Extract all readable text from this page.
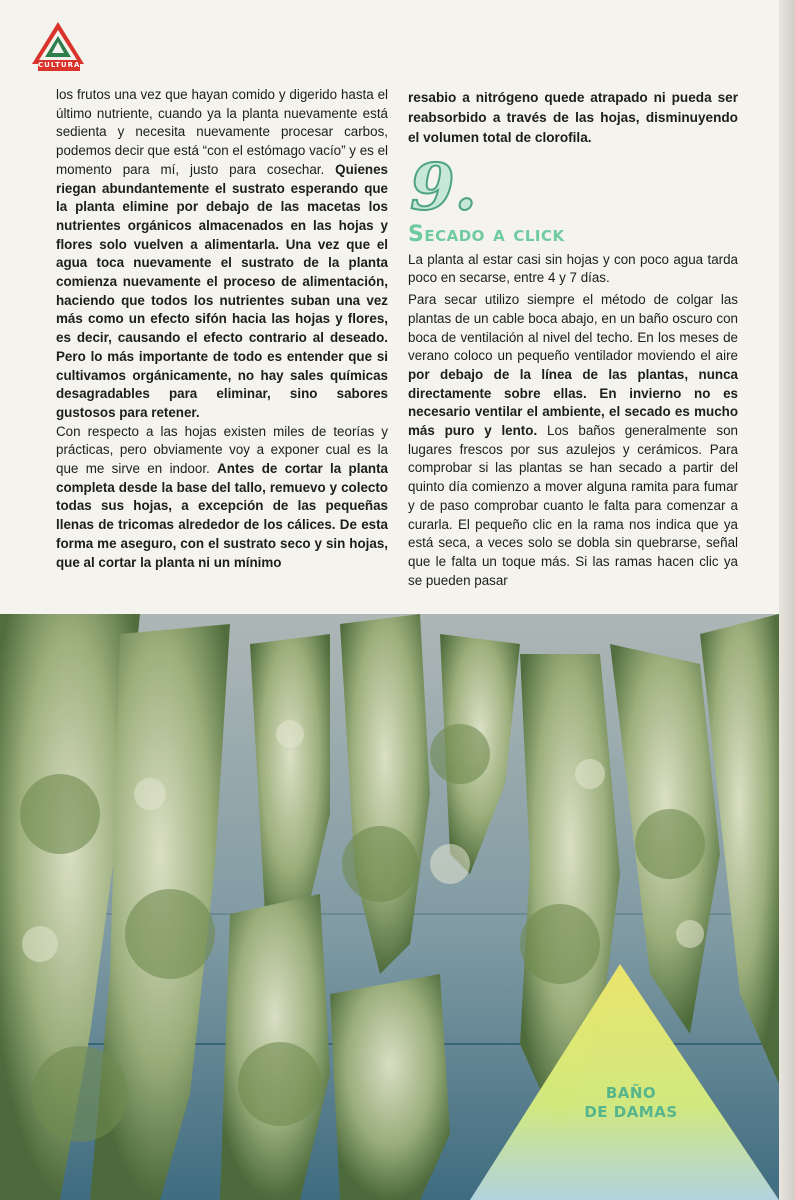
CULTURA

los frutos una vez que hayan comido y digerido hasta el último nutriente, cuando ya la planta nuevamente está sedienta y necesita nuevamente procesar carbos, podemos decir que está “con el estómago vacío” y es el momento para mí, justo para cosechar. Quienes riegan abundantemente el sustrato esperando que la planta elimine por debajo de las macetas los nutrientes orgánicos almacenados en las hojas y flores solo vuelven a alimentarla. Una vez que el agua toca nuevamente el sustrato de la planta comienza nuevamente el proceso de alimentación, haciendo que todos los nutrientes suban una vez más como un efecto sifón hacia las hojas y flores, es decir, causando el efecto contrario al deseado. Pero lo más importante de todo es entender que si cultivamos orgánicamente, no hay sales químicas desagradables para eliminar, sino sabores gustosos para retener.

Con respecto a las hojas existen miles de teorías y prácticas, pero obviamente voy a exponer cual es la que me sirve en indoor. Antes de cortar la planta completa desde la base del tallo, remuevo y colecto todas sus hojas, a excepción de las pequeñas llenas de tricomas alrededor de los cálices. De esta forma me aseguro, con el sustrato seco y sin hojas, que al cortar la planta ni un mínimo

resabio a nitrógeno quede atrapado ni pueda ser reabsorbido a través de las hojas, disminuyendo el volumen total de clorofila.

9.
Secado a click

La planta al estar casi sin hojas y con poco agua tarda poco en secarse, entre 4 y 7 días.

Para secar utilizo siempre el método de colgar las plantas de un cable boca abajo, en un baño oscuro con boca de ventilación al nivel del techo. En los meses de verano coloco un pequeño ventilador moviendo el aire por debajo de la línea de las plantas, nunca directamente sobre ellas. En invierno no es necesario ventilar el ambiente, el secado es mucho más puro y lento. Los baños generalmente son lugares frescos por sus azulejos y cerámicos. Para comprobar si las plantas se han secado a partir del quinto día comienzo a mover alguna ramita para fumar y de paso comprobar cuanto le falta para comenzar a curarla. El pequeño clic en la rama nos indica que ya está seca, a veces solo se dobla sin quebrarse, señal que le falta un toque más. Si las ramas hacen clic ya se pueden pasar

BAÑO
DE DAMAS
